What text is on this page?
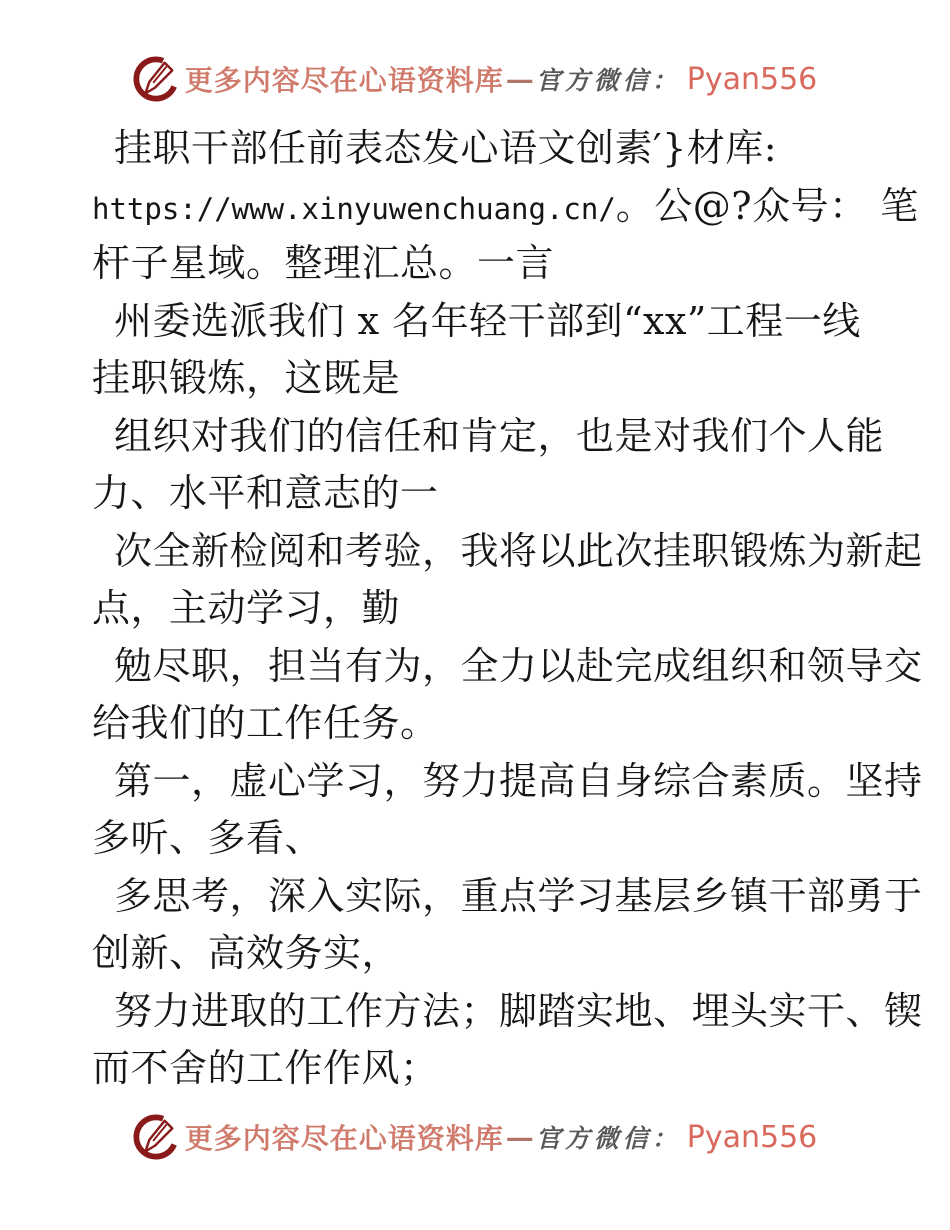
更多内容尽在心语资料库 — 官方微信： Pyan556
挂职干部任前表态发心语文创素′}材库:
https://www.xinyuwenchuang.cn/。公@?众号： 笔
杆子星域。整理汇总。一言
州委选派我们 x 名年轻干部到“xx”工程一线
挂职锻炼，这既是
组织对我们的信任和肯定，也是对我们个人能
力、水平和意志的一
次全新检阅和考验，我将以此次挂职锻炼为新起
点，主动学习，勤
勉尽职，担当有为，全力以赴完成组织和领导交
给我们的工作任务。
第一，虚心学习，努力提高自身综合素质。坚持
多听、多看、
多思考，深入实际，重点学习基层乡镇干部勇于
创新、高效务实，
努力进取的工作方法；脚踏实地、埋头实干、锲
而不舍的工作作风；
更多内容尽在心语资料库 — 官方微信： Pyan556
